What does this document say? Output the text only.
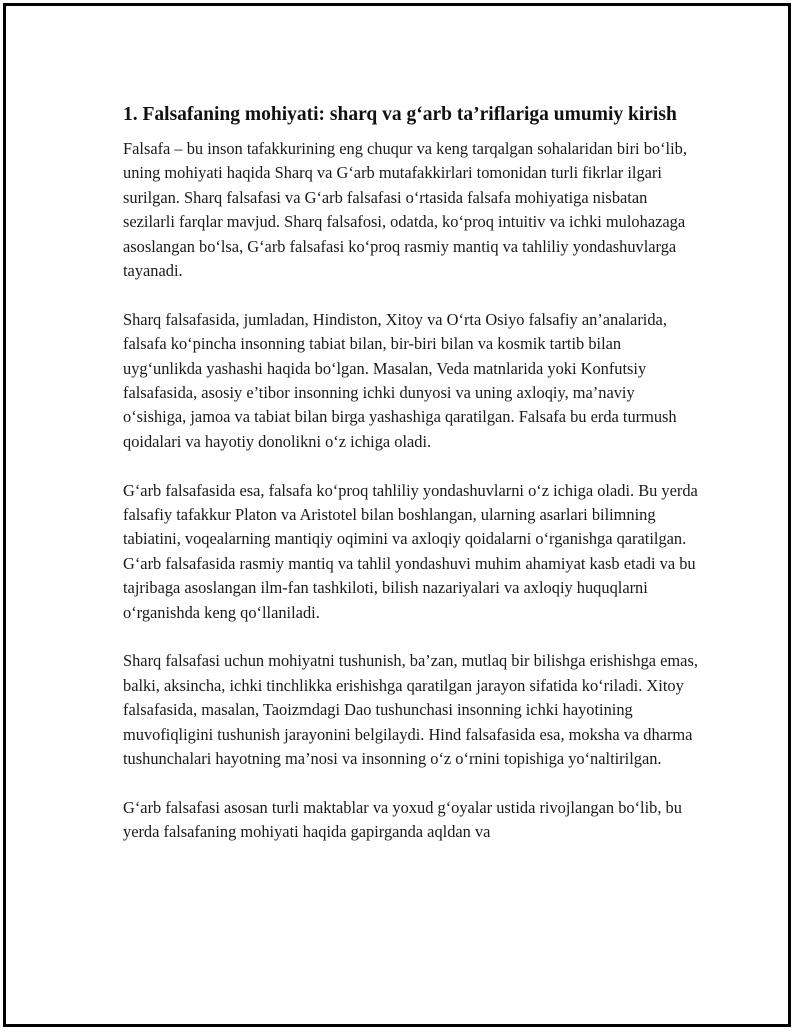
1. Falsafaning mohiyati: sharq va g‘arb ta’riflariga umumiy kirish

Falsafa – bu inson tafakkurining eng chuqur va keng tarqalgan sohalaridan biri bo‘lib, uning mohiyati haqida Sharq va G‘arb mutafakkirlari tomonidan turli fikrlar ilgari surilgan. Sharq falsafasi va G‘arb falsafasi o‘rtasida falsafa mohiyatiga nisbatan sezilarli farqlar mavjud. Sharq falsafosi, odatda, ko‘proq intuitiv va ichki mulohazaga asoslangan bo‘lsa, G‘arb falsafasi ko‘proq rasmiy mantiq va tahliliy yondashuvlarga tayanadi.

Sharq falsafasida, jumladan, Hindiston, Xitoy va O‘rta Osiyo falsafiy an’analarida, falsafa ko‘pincha insonning tabiat bilan, bir-biri bilan va kosmik tartib bilan uyg‘unlikda yashashi haqida bo‘lgan. Masalan, Veda matnlarida yoki Konfutsiy falsafasida, asosiy e’tibor insonning ichki dunyosi va uning axloqiy, ma’naviy o‘sishiga, jamoa va tabiat bilan birga yashashiga qaratilgan. Falsafa bu erda turmush qoidalari va hayotiy donolikni o‘z ichiga oladi.

G‘arb falsafasida esa, falsafa ko‘proq tahliliy yondashuvlarni o‘z ichiga oladi. Bu yerda falsafiy tafakkur Platon va Aristotel bilan boshlangan, ularning asarlari bilimning tabiatini, voqealarning mantiqiy oqimini va axloqiy qoidalarni o‘rganishga qaratilgan. G‘arb falsafasida rasmiy mantiq va tahlil yondashuvi muhim ahamiyat kasb etadi va bu tajribaga asoslangan ilm-fan tashkiloti, bilish nazariyalari va axloqiy huquqlarni o‘rganishda keng qo‘llaniladi.

Sharq falsafasi uchun mohiyatni tushunish, ba’zan, mutlaq bir bilishga erishishga emas, balki, aksincha, ichki tinchlikka erishishga qaratilgan jarayon sifatida ko‘riladi. Xitoy falsafasida, masalan, Taoizmdagi Dao tushunchasi insonning ichki hayotining muvofiqligini tushunish jarayonini belgilaydi. Hind falsafasida esa, moksha va dharma tushunchalari hayotning ma’nosi va insonning o‘z o‘rnini topishiga yo‘naltirilgan.

G‘arb falsafasi asosan turli maktablar va yoxud g‘oyalar ustida rivojlangan bo‘lib, bu yerda falsafaning mohiyati haqida gapirganda aqldan va
